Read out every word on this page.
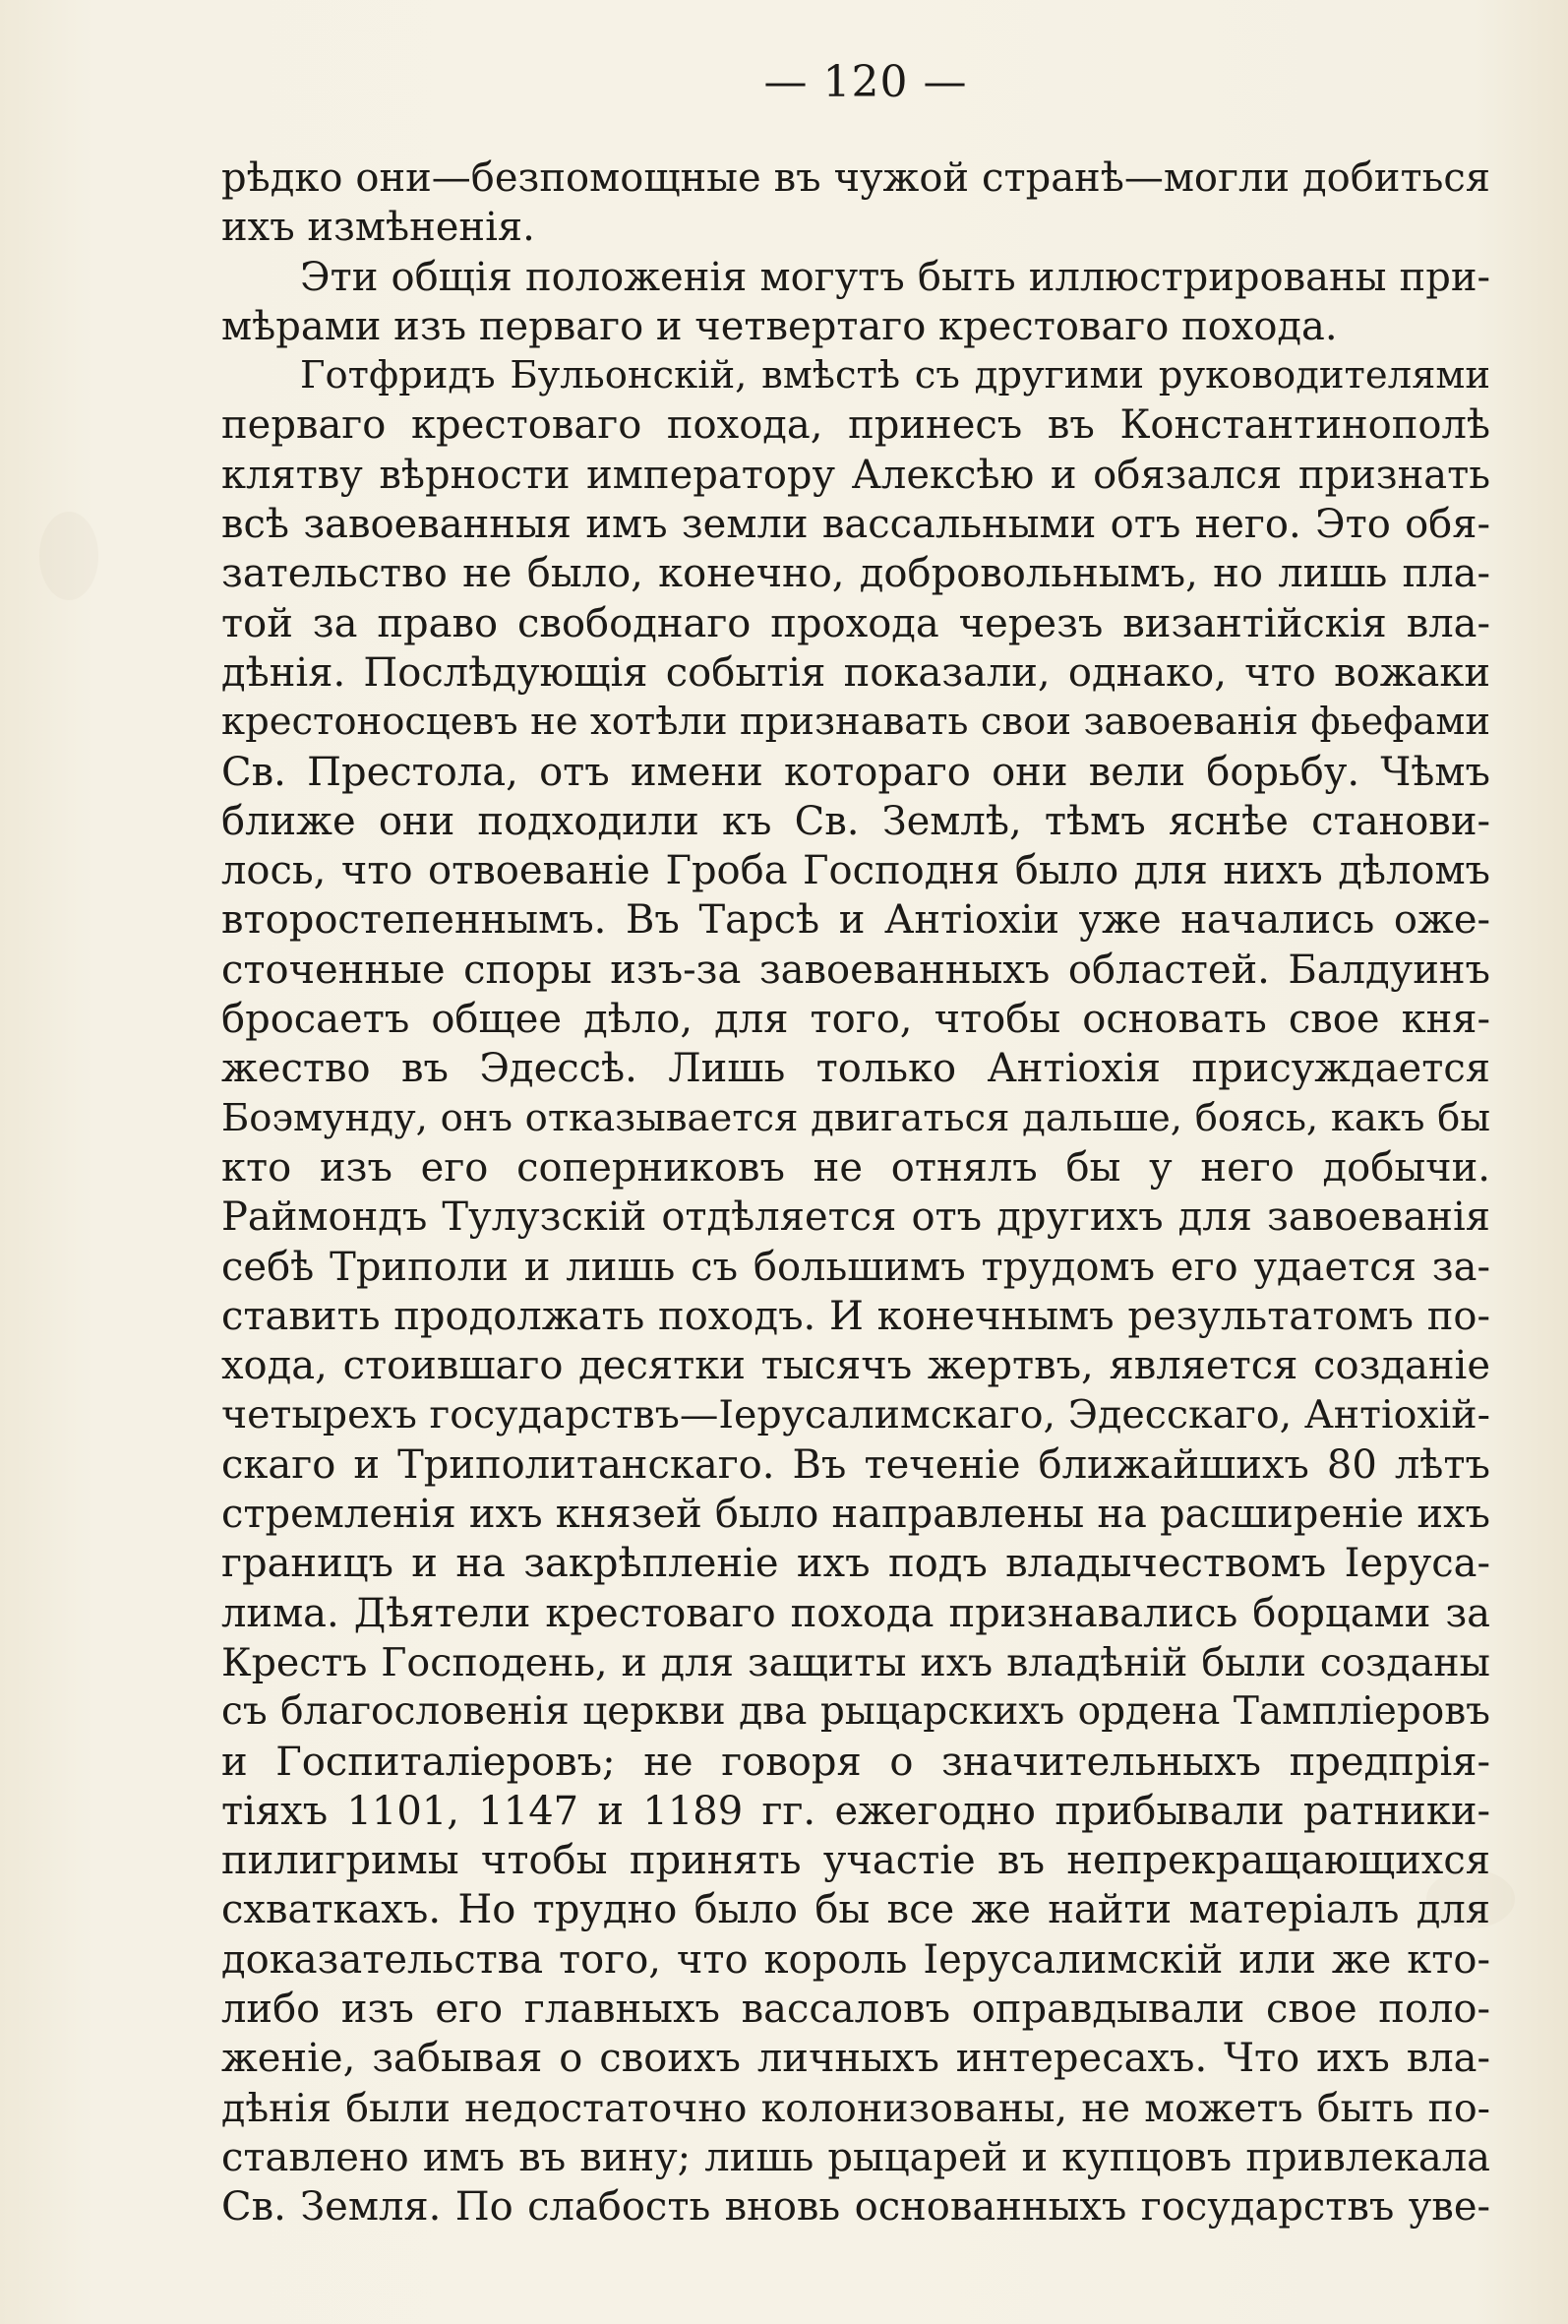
— 120 —
рѣдко они—безпомощные въ чужой странѣ—могли добиться
ихъ измѣненія.
Эти общія положенія могутъ быть иллюстрированы при-
мѣрами изъ перваго и четвертаго крестоваго похода.
Готфридъ Бульонскій, вмѣстѣ съ другими руководителями
перваго крестоваго похода, принесъ въ Константинополѣ
клятву вѣрности императору Алексѣю и обязался признать
всѣ завоеванныя имъ земли вассальными отъ него. Это обя-
зательство не было, конечно, добровольнымъ, но лишь пла-
той за право свободнаго прохода черезъ византійскія вла-
дѣнія. Послѣдующія событія показали, однако, что вожаки
крестоносцевъ не хотѣли признавать свои завоеванія фьефами
Св. Престола, отъ имени котораго они вели борьбу. Чѣмъ
ближе они подходили къ Св. Землѣ, тѣмъ яснѣе станови-
лось, что отвоеваніе Гроба Господня было для нихъ дѣломъ
второстепеннымъ. Въ Тарсѣ и Антіохіи уже начались оже-
сточенные споры изъ-за завоеванныхъ областей. Балдуинъ
бросаетъ общее дѣло, для того, чтобы основать свое кня-
жество въ Эдессѣ. Лишь только Антіохія присуждается
Боэмунду, онъ отказывается двигаться дальше, боясь, какъ бы
кто изъ его соперниковъ не отнялъ бы у него добычи.
Раймондъ Тулузскій отдѣляется отъ другихъ для завоеванія
себѣ Триполи и лишь съ большимъ трудомъ его удается за-
ставить продолжать походъ. И конечнымъ результатомъ по-
хода, стоившаго десятки тысячъ жертвъ, является созданіе
четырехъ государствъ—Іерусалимскаго, Эдесскаго, Антіохій-
скаго и Триполитанскаго. Въ теченіе ближайшихъ 80 лѣтъ
стремленія ихъ князей было направлены на расширеніе ихъ
границъ и на закрѣпленіе ихъ подъ владычествомъ Іеруса-
лима. Дѣятели крестоваго похода признавались борцами за
Крестъ Господень, и для защиты ихъ владѣній были созданы
съ благословенія церкви два рыцарскихъ ордена Тампліеровъ
и Госпиталіеровъ; не говоря о значительныхъ предпрія-
тіяхъ 1101, 1147 и 1189 гг. ежегодно прибывали ратники-
пилигримы чтобы принять участіе въ непрекращающихся
схваткахъ. Но трудно было бы все же найти матеріалъ для
доказательства того, что король Іерусалимскій или же кто-
либо изъ его главныхъ вассаловъ оправдывали свое поло-
женіе, забывая о своихъ личныхъ интересахъ. Что ихъ вла-
дѣнія были недостаточно колонизованы, не можетъ быть по-
ставлено имъ въ вину; лишь рыцарей и купцовъ привлекала
Св. Земля. По слабость вновь основанныхъ государствъ уве-
